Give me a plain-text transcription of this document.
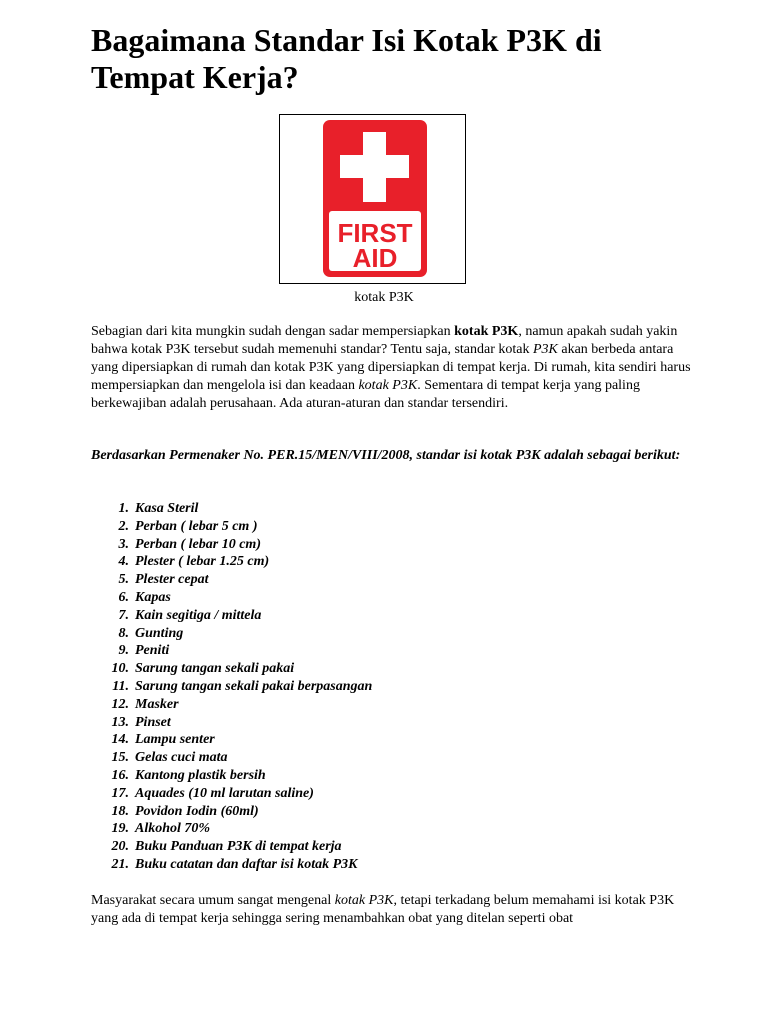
Bagaimana Standar Isi Kotak P3K di Tempat Kerja?
FIRST
AID
kotak P3K

Sebagian dari kita mungkin sudah dengan sadar mempersiapkan kotak P3K, namun apakah sudah yakin bahwa kotak P3K tersebut sudah memenuhi standar? Tentu saja, standar kotak P3K akan berbeda antara yang dipersiapkan di rumah dan kotak P3K yang dipersiapkan di tempat kerja. Di rumah, kita sendiri harus mempersiapkan dan mengelola isi dan keadaan kotak P3K. Sementara di tempat kerja yang paling berkewajiban adalah perusahaan. Ada aturan-aturan dan standar tersendiri.

Berdasarkan Permenaker No. PER.15/MEN/VIII/2008, standar isi kotak P3K adalah sebagai berikut:

1. Kasa Steril
2. Perban ( lebar 5 cm )
3. Perban ( lebar 10 cm)
4. Plester ( lebar 1.25 cm)
5. Plester cepat
6. Kapas
7. Kain segitiga / mittela
8. Gunting
9. Peniti
10. Sarung tangan sekali pakai
11. Sarung tangan sekali pakai berpasangan
12. Masker
13. Pinset
14. Lampu senter
15. Gelas cuci mata
16. Kantong plastik bersih
17. Aquades (10 ml larutan saline)
18. Povidon Iodin (60ml)
19. Alkohol 70%
20. Buku Panduan P3K di tempat kerja
21. Buku catatan dan daftar isi kotak P3K

Masyarakat secara umum sangat mengenal kotak P3K, tetapi terkadang belum memahami isi kotak P3K yang ada di tempat kerja sehingga sering menambahkan obat yang ditelan seperti obat
